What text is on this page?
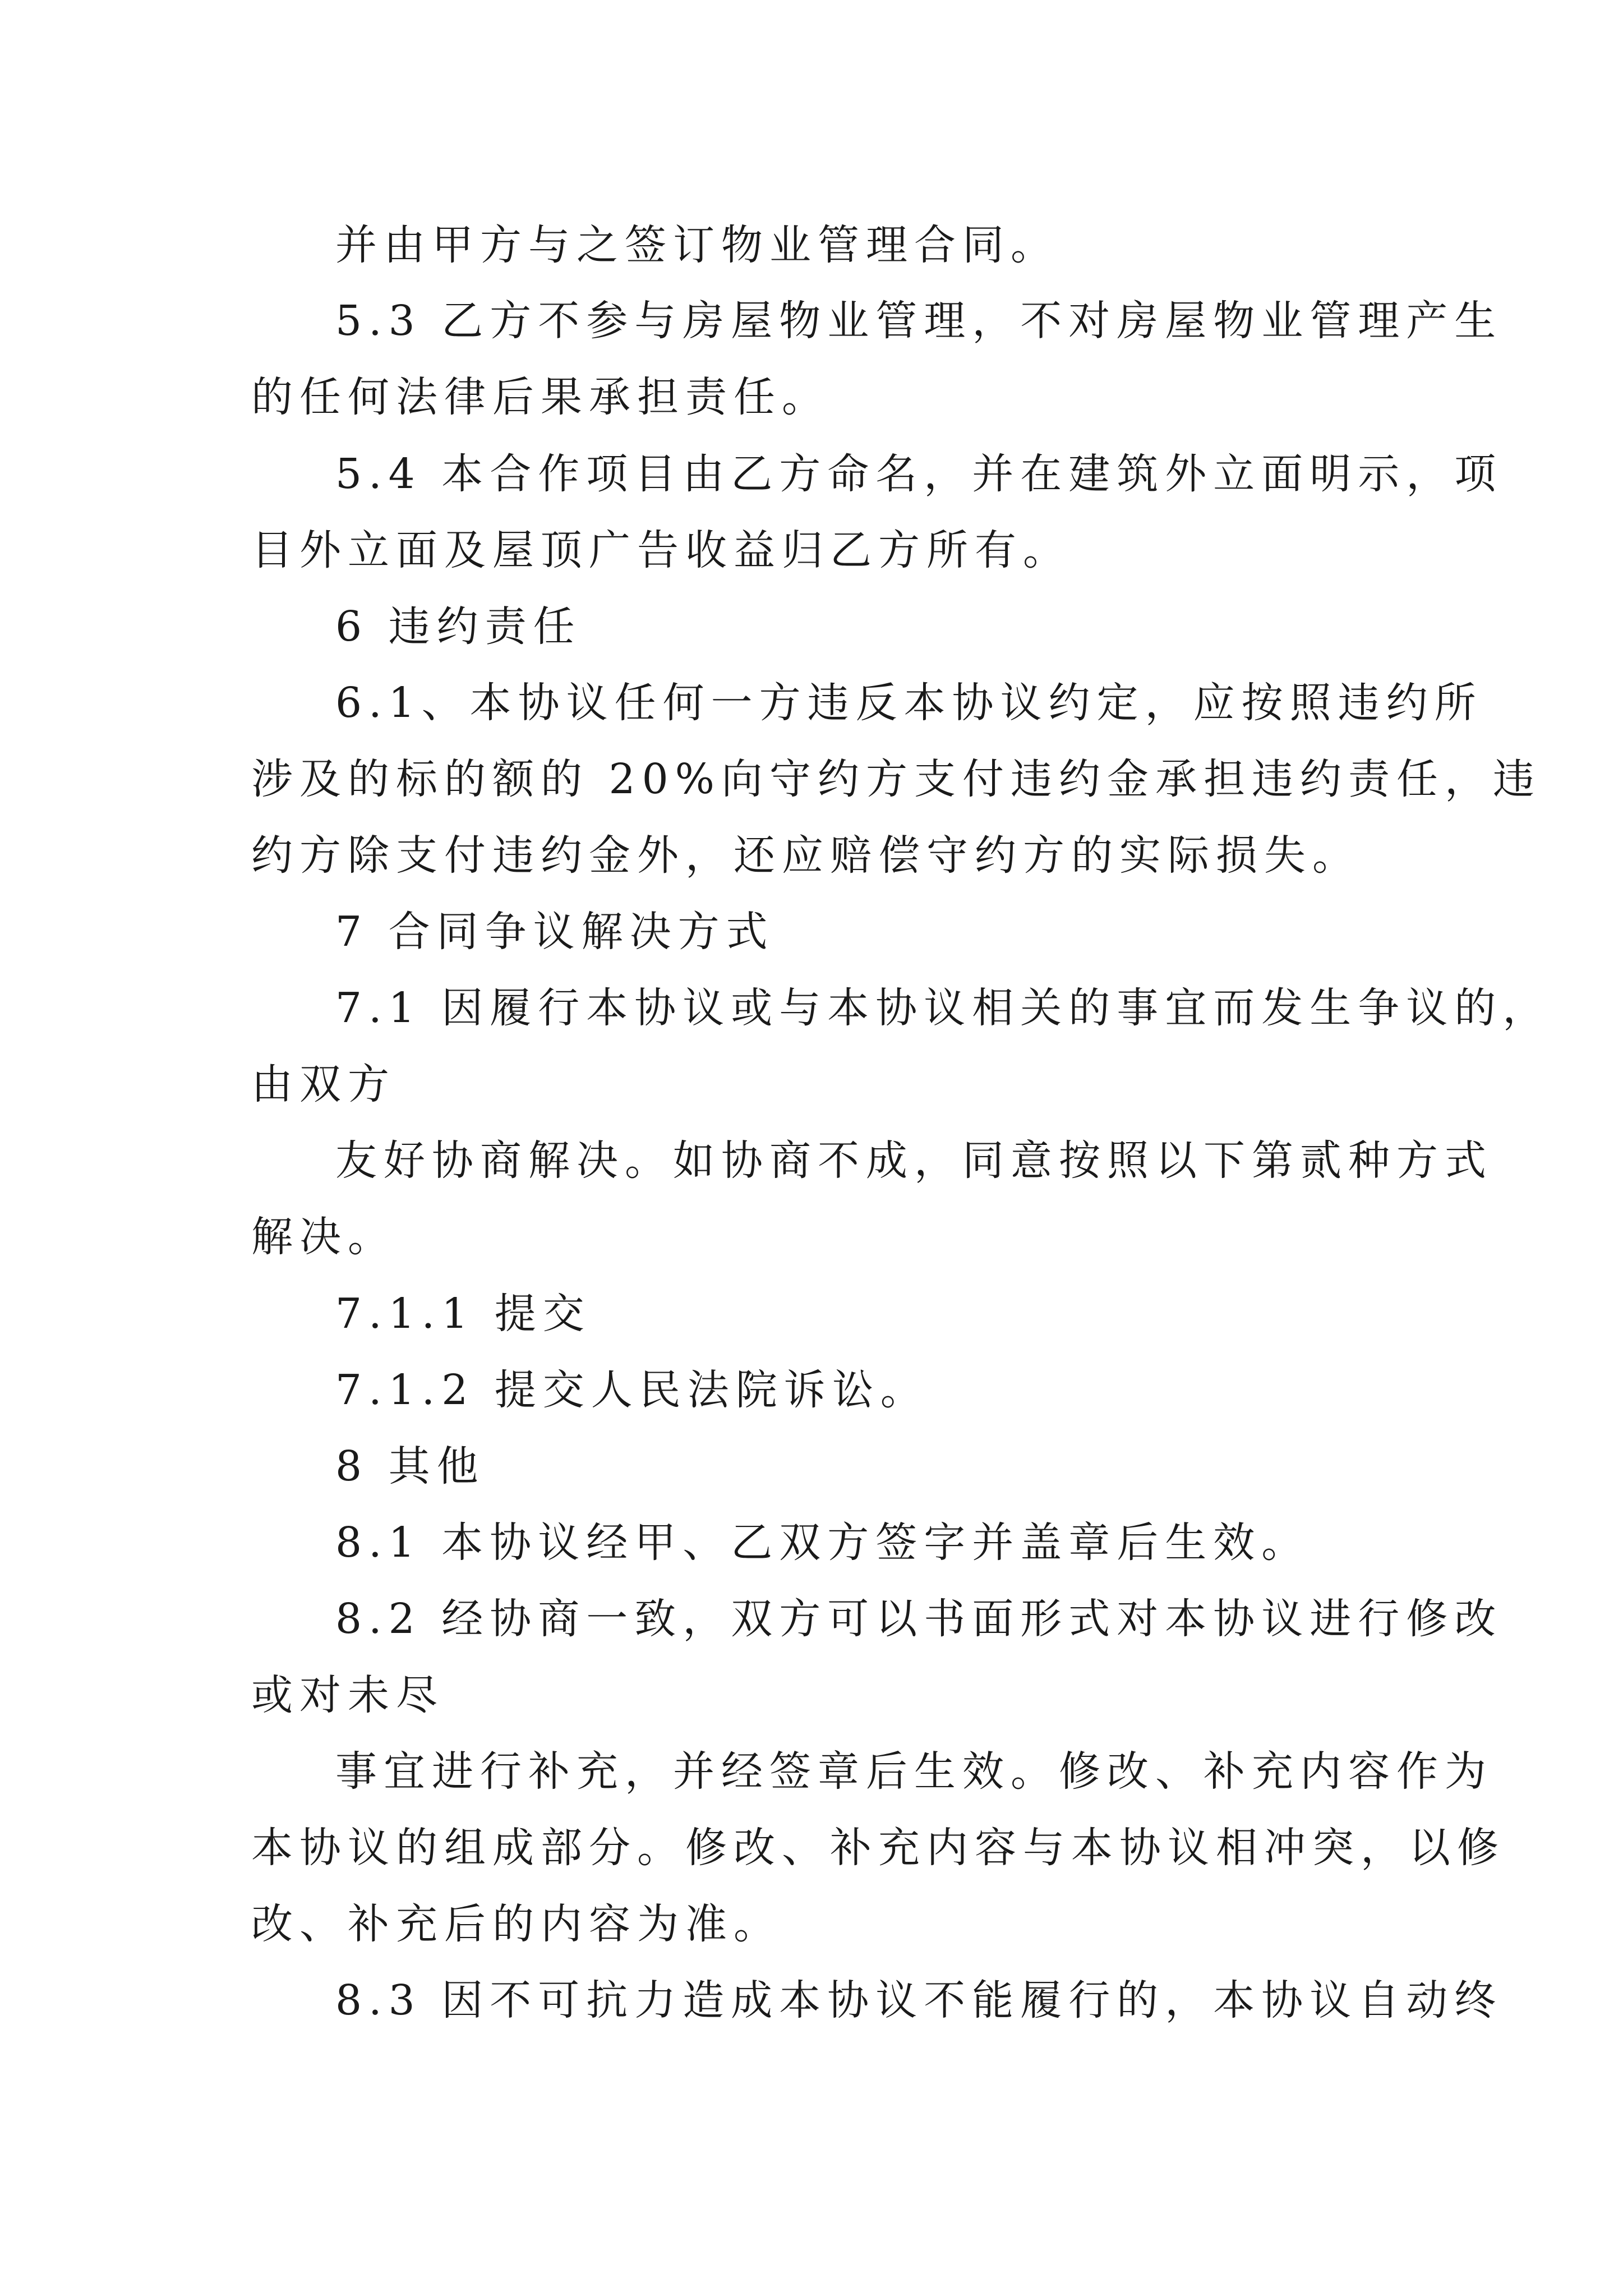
并由甲方与之签订物业管理合同。

5.3 乙方不参与房屋物业管理，不对房屋物业管理产生

的任何法律后果承担责任。

5.4 本合作项目由乙方命名，并在建筑外立面明示，项

目外立面及屋顶广告收益归乙方所有。

6 违约责任

6.1、本协议任何一方违反本协议约定，应按照违约所

涉及的标的额的 20%向守约方支付违约金承担违约责任，违

约方除支付违约金外，还应赔偿守约方的实际损失。

7 合同争议解决方式

7.1 因履行本协议或与本协议相关的事宜而发生争议的，

由双方

友好协商解决。如协商不成，同意按照以下第贰种方式

解决。

7.1.1 提交

7.1.2 提交人民法院诉讼。

8 其他

8.1 本协议经甲、乙双方签字并盖章后生效。

8.2 经协商一致，双方可以书面形式对本协议进行修改

或对未尽

事宜进行补充，并经签章后生效。修改、补充内容作为

本协议的组成部分。修改、补充内容与本协议相冲突，以修

改、补充后的内容为准。

8.3 因不可抗力造成本协议不能履行的，本协议自动终
